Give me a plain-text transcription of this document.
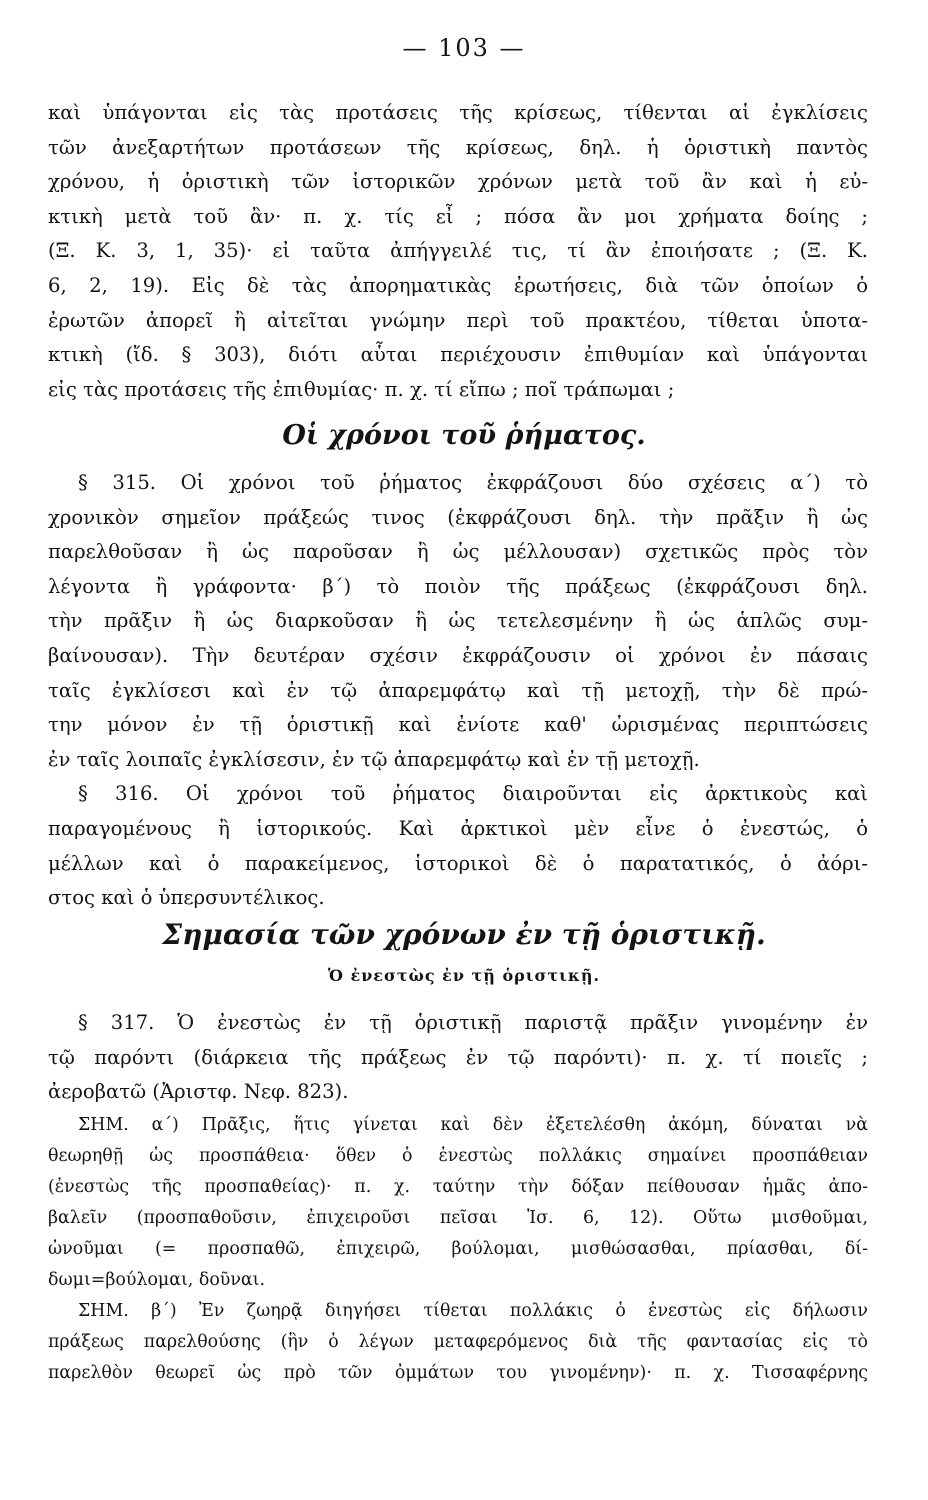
— 103 —

καὶ ὑπάγονται εἰς τὰς προτάσεις τῆς κρίσεως, τίθενται αἱ ἐγκλίσεις

τῶν ἀνεξαρτήτων προτάσεων τῆς κρίσεως, δηλ. ἡ ὁριστικὴ παντὸς

χρόνου, ἡ ὁριστικὴ τῶν ἱστορικῶν χρόνων μετὰ τοῦ ἂν καὶ ἡ εὐ-

κτικὴ μετὰ τοῦ ἂν· π. χ. τίς εἶ ; πόσα ἂν μοι χρήματα δοίης ;

(Ξ. Κ. 3, 1, 35)· εἰ ταῦτα ἀπήγγειλέ τις, τί ἂν ἐποιήσατε ; (Ξ. Κ.

6, 2, 19). Εἰς δὲ τὰς ἀπορηματικὰς ἐρωτήσεις, διὰ τῶν ὁποίων ὁ

ἐρωτῶν ἀπορεῖ ἢ αἰτεῖται γνώμην περὶ τοῦ πρακτέου, τίθεται ὑποτα-

κτικὴ (ἴδ. § 303), διότι αὗται περιέχουσιν ἐπιθυμίαν καὶ ὑπάγονται

εἰς τὰς προτάσεις τῆς ἐπιθυμίας· π. χ. τί εἴπω ; ποῖ τράπωμαι ;

Οἱ χρόνοι τοῦ ῥήματος.

§ 315. Οἱ χρόνοι τοῦ ῥήματος ἐκφράζουσι δύο σχέσεις α΄) τὸ

χρονικὸν σημεῖον πράξεώς τινος (ἐκφράζουσι δηλ. τὴν πρᾶξιν ἢ ὡς

παρελθοῦσαν ἢ ὡς παροῦσαν ἢ ὡς μέλλουσαν) σχετικῶς πρὸς τὸν

λέγοντα ἢ γράφοντα· β΄) τὸ ποιὸν τῆς πράξεως (ἐκφράζουσι δηλ.

τὴν πρᾶξιν ἢ ὡς διαρκοῦσαν ἢ ὡς τετελεσμένην ἢ ὡς ἁπλῶς συμ-

βαίνουσαν). Τὴν δευτέραν σχέσιν ἐκφράζουσιν οἱ χρόνοι ἐν πάσαις

ταῖς ἐγκλίσεσι καὶ ἐν τῷ ἀπαρεμφάτῳ καὶ τῇ μετοχῇ, τὴν δὲ πρώ-

την μόνον ἐν τῇ ὁριστικῇ καὶ ἐνίοτε καθ' ὡρισμένας περιπτώσεις

ἐν ταῖς λοιπαῖς ἐγκλίσεσιν, ἐν τῷ ἀπαρεμφάτῳ καὶ ἐν τῇ μετοχῇ.

§ 316. Οἱ χρόνοι τοῦ ῥήματος διαιροῦνται εἰς ἀρκτικοὺς καὶ

παραγομένους ἢ ἱστορικούς. Καὶ ἀρκτικοὶ μὲν εἶνε ὁ ἐνεστώς, ὁ

μέλλων καὶ ὁ παρακείμενος, ἱστορικοὶ δὲ ὁ παρατατικός, ὁ ἀόρι-

στος καὶ ὁ ὑπερσυντέλικος.

Σημασία τῶν χρόνων ἐν τῇ ὁριστικῇ.
Ὁ ἐνεστὼς ἐν τῇ ὁριστικῇ.

§ 317. Ὁ ἐνεστὼς ἐν τῇ ὁριστικῇ παριστᾷ πρᾶξιν γινομένην ἐν

τῷ παρόντι (διάρκεια τῆς πράξεως ἐν τῷ παρόντι)· π. χ. τί ποιεῖς ;

ἀεροβατῶ (Ἀριστφ. Νεφ. 823).

ΣΗΜ. α΄) Πρᾶξις, ἥτις γίνεται καὶ δὲν ἐξετελέσθη ἀκόμη, δύναται νὰ

θεωρηθῇ ὡς προσπάθεια· ὅθεν ὁ ἐνεστὼς πολλάκις σημαίνει προσπάθειαν

(ἐνεστὼς τῆς προσπαθείας)· π. χ. ταύτην τὴν δόξαν πείθουσαν ἡμᾶς ἀπο-

βαλεῖν (προσπαθοῦσιν, ἐπιχειροῦσι πεῖσαι Ἰσ. 6, 12). Οὕτω μισθοῦμαι,

ὠνοῦμαι (= προσπαθῶ, ἐπιχειρῶ, βούλομαι, μισθώσασθαι, πρίασθαι, δί-

δωμι=βούλομαι, δοῦναι.

ΣΗΜ. β΄) Ἐν ζωηρᾷ διηγήσει τίθεται πολλάκις ὁ ἐνεστὼς εἰς δήλωσιν

πράξεως παρελθούσης (ἣν ὁ λέγων μεταφερόμενος διὰ τῆς φαντασίας εἰς τὸ

παρελθὸν θεωρεῖ ὡς πρὸ τῶν ὀμμάτων του γινομένην)· π. χ. Τισσαφέρνης
